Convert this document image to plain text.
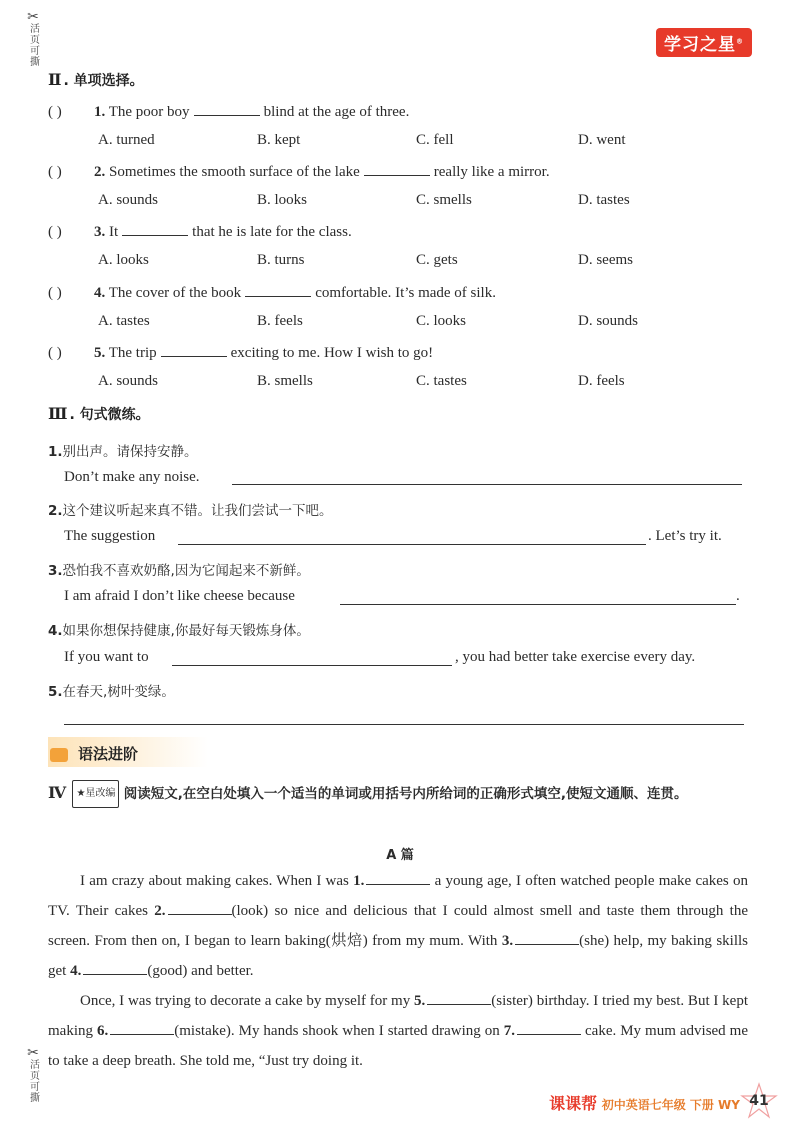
✂
活页可撕
✂
活页可撕
学习之星®
Ⅱ . 单项选择。
( ) 1. The poor boy	blind at the age of three.
A. turned	B. kept	C. fell	D. went
( ) 2. Sometimes the smooth surface of the lake	really like a mirror.
A. sounds	B. looks	C. smells	D. tastes
( ) 3. It	that he is late for the class.
A. looks	B. turns	C. gets	D. seems
( ) 4. The cover of the book	comfortable. It’s made of silk.
A. tastes	B. feels	C. looks	D. sounds
( ) 5. The trip	exciting to me. How I wish to go!
A. sounds	B. smells	C. tastes	D. feels
Ⅲ . 句式微练。
1.别出声。请保持安静。
Don’t make any noise.
2.这个建议听起来真不错。让我们尝试一下吧。
The suggestion	. Let’s try it.
3.恐怕我不喜欢奶酪,因为它闻起来不新鲜。
I am afraid I don’t like cheese because	.
4.如果你想保持健康,你最好每天锻炼身体。
If you want to	, you had better take exercise every day.
5.在春天,树叶变绿。
语法进阶
Ⅳ ★星改编 阅读短文,在空白处填入一个适当的单词或用括号内所给词的正确形式填空,使短文通顺、连贯。
A 篇
I am crazy about making cakes. When I was 1.	a young age, I often watched people make cakes on TV. Their cakes 2.	(look) so nice and delicious that I could almost smell and taste them through the screen. From then on, I began to learn baking(烘焙) from my mum. With 3.	(she) help, my baking skills get 4.	(good) and better.
Once, I was trying to decorate a cake by myself for my 5.	(sister) birthday. I tried my best. But I kept making 6.	(mistake). My hands shook when I started drawing on 7.	cake. My mum advised me to take a deep breath. She told me, “Just try doing it.
课课帮 初中英语七年级 下册 WY 41
